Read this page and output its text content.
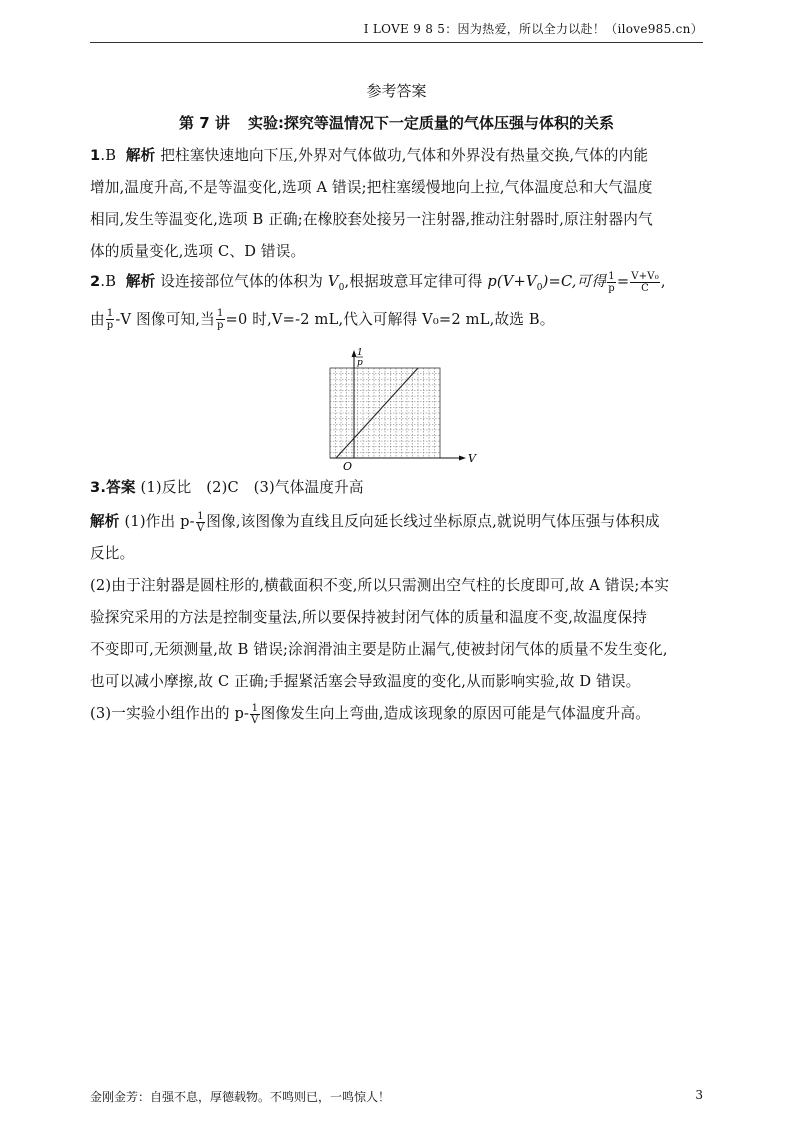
I LOVE 9 8 5：因为热爱，所以全力以赴！（ilove985.cn）
参考答案
第 7 讲 实验:探究等温情况下一定质量的气体压强与体积的关系
1.B 解析 把柱塞快速地向下压,外界对气体做功,气体和外界没有热量交换,气体的内能
增加,温度升高,不是等温变化,选项 A 错误;把柱塞缓慢地向上拉,气体温度总和大气温度
相同,发生等温变化,选项 B 正确;在橡胶套处接另一注射器,推动注射器时,原注射器内气
体的质量变化,选项 C、D 错误。
2.B 解析 设连接部位气体的体积为 $V_0$,根据玻意耳定律可得 $p(V+V_0)=C$,可得 $\frac{1}{p} = \frac{\text{V+V₀}}{C}$ ,
由 $\frac{1}{p} -V$ 图像可知,当 $\frac{1}{p} =0$ 时,V=-2 mL,代入可解得 V₀=2 mL,故选 B。
1
p
V
O
3.答案 (1)反比　(2)C　(3)气体温度升高
解析 (1)作出 $p- \frac{1}{V}$ 图像,该图像为直线且反向延长线过坐标原点,就说明气体压强与体积成
反比。
(2)由于注射器是圆柱形的,横截面积不变,所以只需测出空气柱的长度即可,故 A 错误;本实
验探究采用的方法是控制变量法,所以要保持被封闭气体的质量和温度不变,故温度保持
不变即可,无须测量,故 B 错误;涂润滑油主要是防止漏气,使被封闭气体的质量不发生变化,
也可以减小摩擦,故 C 正确;手握紧活塞会导致温度的变化,从而影响实验,故 D 错误。
(3)一实验小组作出的 $p- \frac{1}{V}$ 图像发生向上弯曲,造成该现象的原因可能是气体温度升高。
金刚金芳：自强不息，厚德载物。不鸣则已，一鸣惊人！	3
